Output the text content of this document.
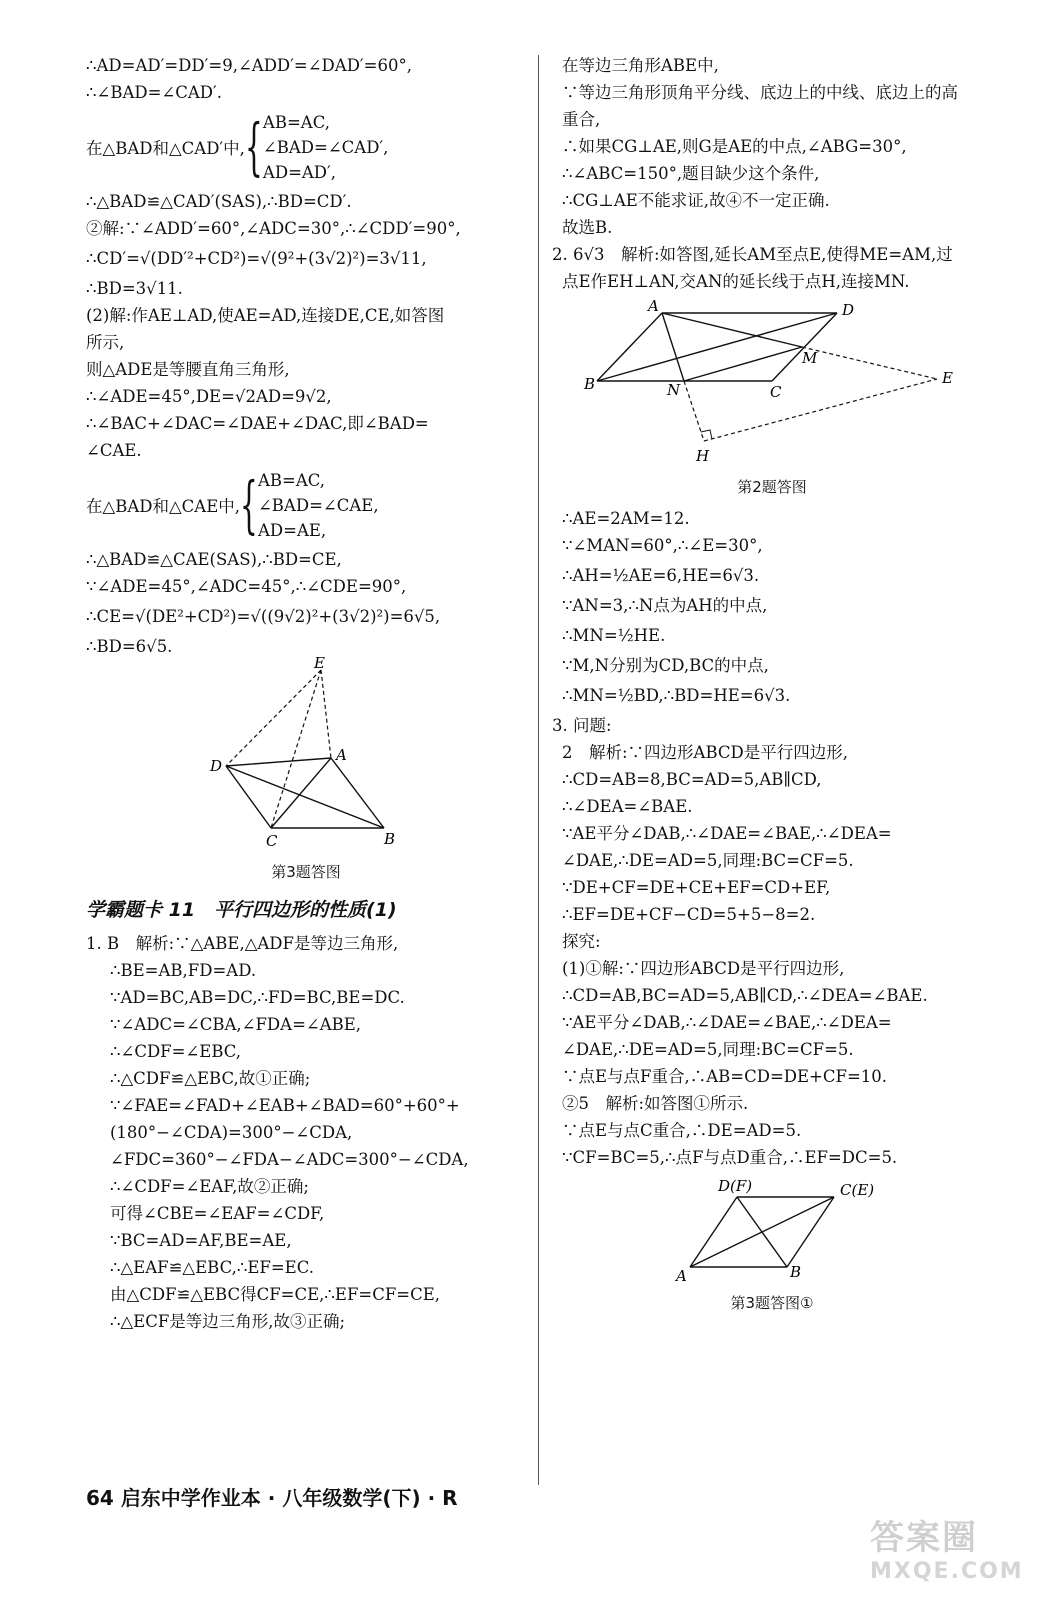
∴AD=AD′=DD′=9,∠ADD′=∠DAD′=60°,
∴∠BAD=∠CAD′.
在△BAD和△CAD′中, { AB=AC,
∠BAD=∠CAD′,
AD=AD′,
∴△BAD≌△CAD′(SAS),∴BD=CD′.
②解:∵∠ADD′=60°,∠ADC=30°,∴∠CDD′=90°,
∴CD′=√(DD′²+CD²)=√(9²+(3√2)²)=3√11,
∴BD=3√11.
(2)解:作AE⊥AD,使AE=AD,连接DE,CE,如答图
所示,
则△ADE是等腰直角三角形,
∴∠ADE=45°,DE=√2AD=9√2,
∴∠BAC+∠DAC=∠DAE+∠DAC,即∠BAD=
∠CAE.
在△BAD和△CAE中, { AB=AC,
∠BAD=∠CAE,
AD=AE,
∴△BAD≌△CAE(SAS),∴BD=CE,
∵∠ADE=45°,∠ADC=45°,∴∠CDE=90°,
∴CE=√(DE²+CD²)=√((9√2)²+(3√2)²)=6√5,
∴BD=6√5.
E
D
A
C	B
第3题答图
学霸题卡 11　平行四边形的性质(1)
1. B　解析:∵△ABE,△ADF是等边三角形,
∴BE=AB,FD=AD.
∵AD=BC,AB=DC,∴FD=BC,BE=DC.
∵∠ADC=∠CBA,∠FDA=∠ABE,
∴∠CDF=∠EBC,
∴△CDF≌△EBC,故①正确;
∵∠FAE=∠FAD+∠EAB+∠BAD=60°+60°+
(180°−∠CDA)=300°−∠CDA,
∠FDC=360°−∠FDA−∠ADC=300°−∠CDA,
∴∠CDF=∠EAF,故②正确;
可得∠CBE=∠EAF=∠CDF,
∵BC=AD=AF,BE=AE,
∴△EAF≌△EBC,∴EF=EC.
由△CDF≌△EBC得CF=CE,∴EF=CF=CE,
∴△ECF是等边三角形,故③正确;
在等边三角形ABE中,
∵等边三角形顶角平分线、底边上的中线、底边上的高
重合,
∴如果CG⊥AE,则G是AE的中点,∠ABG=30°,
∴∠ABC=150°,题目缺少这个条件,
∴CG⊥AE不能求证,故④不一定正确.
故选B.
2. 6√3　解析:如答图,延长AM至点E,使得ME=AM,过
点E作EH⊥AN,交AN的延长线于点H,连接MN.
A	D
B
M
E
N	C
H
第2题答图
∴AE=2AM=12.
∵∠MAN=60°,∴∠E=30°,
∴AH=½AE=6,HE=6√3.
∵AN=3,∴N点为AH的中点,
∴MN=½HE.
∵M,N分别为CD,BC的中点,
∴MN=½BD,∴BD=HE=6√3.
3. 问题:
2　解析:∵四边形ABCD是平行四边形,
∴CD=AB=8,BC=AD=5,AB∥CD,
∴∠DEA=∠BAE.
∵AE平分∠DAB,∴∠DAE=∠BAE,∴∠DEA=
∠DAE,∴DE=AD=5,同理:BC=CF=5.
∵DE+CF=DE+CE+EF=CD+EF,
∴EF=DE+CF−CD=5+5−8=2.
探究:
(1)①解:∵四边形ABCD是平行四边形,
∴CD=AB,BC=AD=5,AB∥CD,∴∠DEA=∠BAE.
∵AE平分∠DAB,∴∠DAE=∠BAE,∴∠DEA=
∠DAE,∴DE=AD=5,同理:BC=CF=5.
∵点E与点F重合,∴AB=CD=DE+CF=10.
②5　解析:如答图①所示.
∵点E与点C重合,∴DE=AD=5.
∵CF=BC=5,∴点F与点D重合,∴EF=DC=5.
D(F)	C(E)
A	B
第3题答图①
64 启东中学作业本 · 八年级数学(下) · R
答案圈
MXQE.COM
